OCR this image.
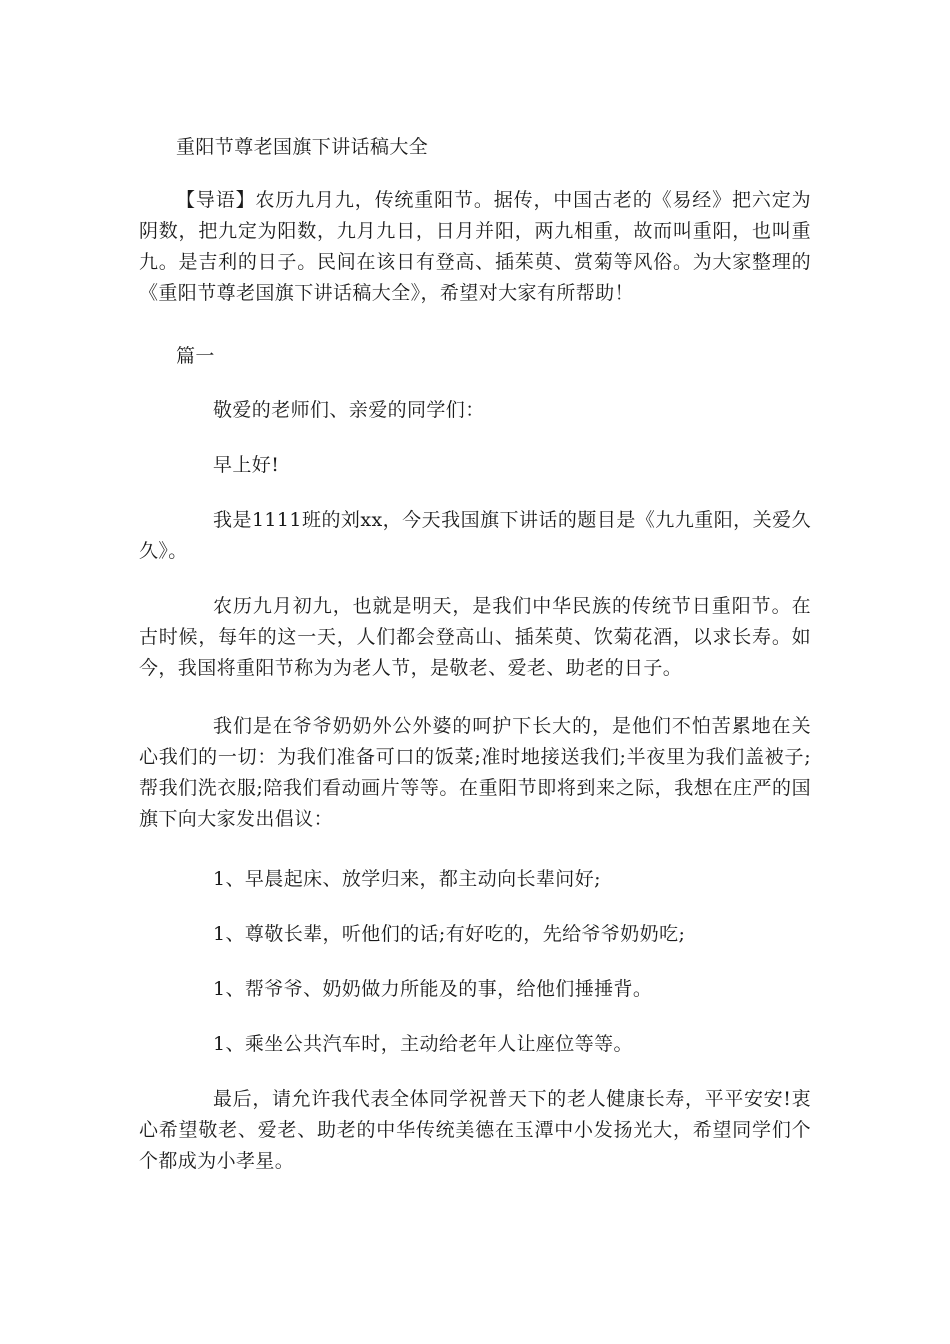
重阳节尊老国旗下讲话稿大全

【导语】农历九月九，传统重阳节。据传，中国古老的《易经》把六定为阴数，把九定为阳数，九月九日，日月并阳，两九相重，故而叫重阳，也叫重九。是吉利的日子。民间在该日有登高、插茱萸、赏菊等风俗。为大家整理的《重阳节尊老国旗下讲话稿大全》，希望对大家有所帮助！

篇一

敬爱的老师们、亲爱的同学们：

早上好!

我是1111班的刘xx，今天我国旗下讲话的题目是《九九重阳，关爱久久》。

农历九月初九，也就是明天，是我们中华民族的传统节日重阳节。在古时候，每年的这一天，人们都会登高山、插茱萸、饮菊花酒，以求长寿。如今，我国将重阳节称为为老人节，是敬老、爱老、助老的日子。

我们是在爷爷奶奶外公外婆的呵护下长大的，是他们不怕苦累地在关心我们的一切：为我们准备可口的饭菜;准时地接送我们;半夜里为我们盖被子;帮我们洗衣服;陪我们看动画片等等。在重阳节即将到来之际，我想在庄严的国旗下向大家发出倡议：

1、早晨起床、放学归来，都主动向长辈问好;

1、尊敬长辈，听他们的话;有好吃的，先给爷爷奶奶吃;

1、帮爷爷、奶奶做力所能及的事，给他们捶捶背。

1、乘坐公共汽车时，主动给老年人让座位等等。

最后，请允许我代表全体同学祝普天下的老人健康长寿，平平安安!衷心希望敬老、爱老、助老的中华传统美德在玉潭中小发扬光大，希望同学们个个都成为小孝星。
